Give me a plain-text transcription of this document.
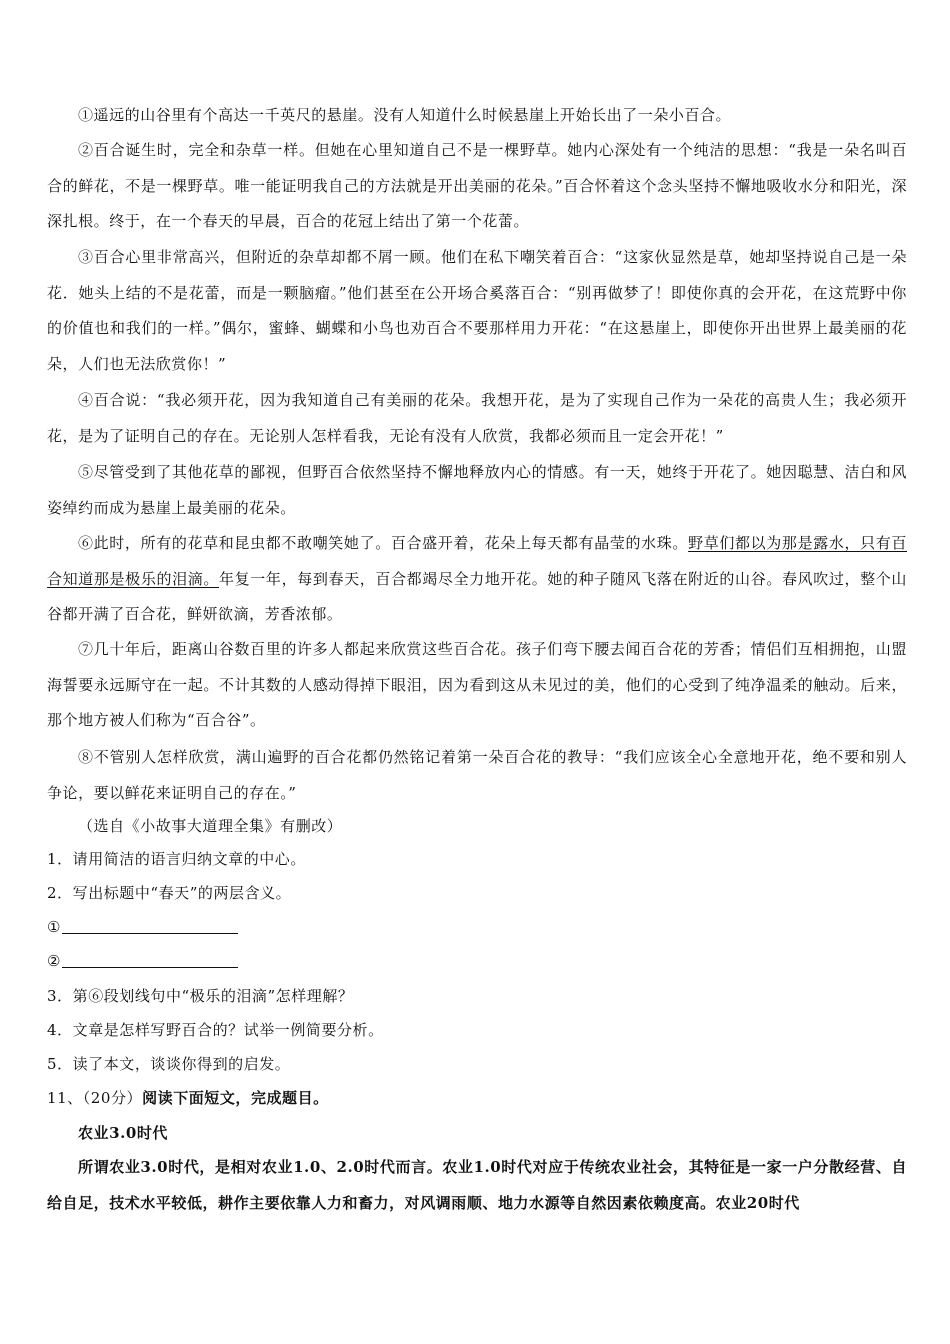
①遥远的山谷里有个高达一千英尺的悬崖。没有人知道什么时候悬崖上开始长出了一朵小百合。

②百合诞生时，完全和杂草一样。但她在心里知道自己不是一棵野草。她内心深处有一个纯洁的思想：“我是一朵名叫百合的鲜花，不是一棵野草。唯一能证明我自己的方法就是开出美丽的花朵。”百合怀着这个念头坚持不懈地吸收水分和阳光，深深扎根。终于，在一个春天的早晨，百合的花冠上结出了第一个花蕾。

③百合心里非常高兴，但附近的杂草却都不屑一顾。他们在私下嘲笑着百合：“这家伙显然是草，她却坚持说自己是一朵花．她头上结的不是花蕾，而是一颗脑瘤。”他们甚至在公开场合奚落百合：“别再做梦了！即使你真的会开花，在这荒野中你的价值也和我们的一样。”偶尔，蜜蜂、蝴蝶和小鸟也劝百合不要那样用力开花：“在这悬崖上，即使你开出世界上最美丽的花朵，人们也无法欣赏你！”

④百合说：“我必须开花，因为我知道自己有美丽的花朵。我想开花，是为了实现自己作为一朵花的高贵人生；我必须开花，是为了证明自己的存在。无论别人怎样看我，无论有没有人欣赏，我都必须而且一定会开花！”

⑤尽管受到了其他花草的鄙视，但野百合依然坚持不懈地释放内心的情感。有一天，她终于开花了。她因聪慧、洁白和风姿绰约而成为悬崖上最美丽的花朵。

⑥此时，所有的花草和昆虫都不敢嘲笑她了。百合盛开着，花朵上每天都有晶莹的水珠。野草们都以为那是露水，只有百合知道那是极乐的泪滴。年复一年，每到春天，百合都竭尽全力地开花。她的种子随风飞落在附近的山谷。春风吹过，整个山谷都开满了百合花，鲜妍欲滴，芳香浓郁。

⑦几十年后，距离山谷数百里的许多人都起来欣赏这些百合花。孩子们弯下腰去闻百合花的芳香；情侣们互相拥抱，山盟海誓要永远厮守在一起。不计其数的人感动得掉下眼泪，因为看到这从未见过的美，他们的心受到了纯净温柔的触动。后来，那个地方被人们称为“百合谷”。

⑧不管别人怎样欣赏，满山遍野的百合花都仍然铭记着第一朵百合花的教导：“我们应该全心全意地开花，绝不要和别人争论，要以鲜花来证明自己的存在。”

（选自《小故事大道理全集》有删改）

1．请用简洁的语言归纳文章的中心。

2．写出标题中“春天”的两层含义。

①

②

3．第⑥段划线句中“极乐的泪滴”怎样理解？

4．文章是怎样写野百合的？试举一例简要分析。

5．读了本文，谈谈你得到的启发。

11、（20分）阅读下面短文，完成题目。

农业3.0时代

所谓农业3.0时代，是相对农业1.0、2.0时代而言。农业1.0时代对应于传统农业社会，其特征是一家一户分散经营、自给自足，技术水平较低，耕作主要依靠人力和畜力，对风调雨顺、地力水源等自然因素依赖度高。农业20时代
